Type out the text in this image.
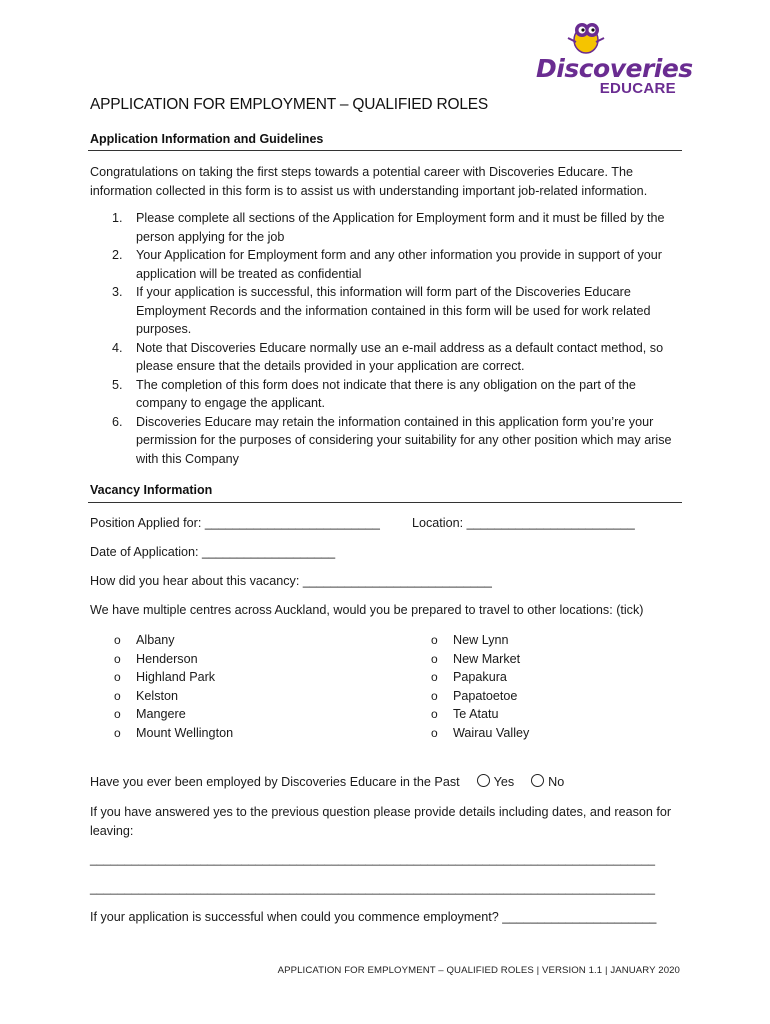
Discoveries
EDUCARE
APPLICATION FOR EMPLOYMENT – QUALIFIED ROLES
Application Information and Guidelines
Congratulations on taking the first steps towards a potential career with Discoveries Educare. The
information collected in this form is to assist us with understanding important job-related information.
1. Please complete all sections of the Application for Employment form and it must be filled by the person applying for the job
2. Your Application for Employment form and any other information you provide in support of your application will be treated as confidential
3. If your application is successful, this information will form part of the Discoveries Educare Employment Records and the information contained in this form will be used for work related purposes.
4. Note that Discoveries Educare normally use an e-mail address as a default contact method, so please ensure that the details provided in your application are correct.
5. The completion of this form does not indicate that there is any obligation on the part of the company to engage the applicant.
6. Discoveries Educare may retain the information contained in this application form you’re your permission for the purposes of considering your suitability for any other position which may arise with this Company
Vacancy Information
Position Applied for: _________________________	Location: ________________________
Date of Application: ___________________
How did you hear about this vacancy: ___________________________
We have multiple centres across Auckland, would you be prepared to travel to other locations: (tick)
o Albany
o Henderson
o Highland Park
o Kelston
o Mangere
o Mount Wellington
o New Lynn
o New Market
o Papakura
o Papatoetoe
o Te Atatu
o Wairau Valley
Have you ever been employed by Discoveries Educare in the Past	Yes	No
If you have answered yes to the previous question please provide details including dates, and reason for
leaving:
__________________________________________________________________________________
__________________________________________________________________________________
If your application is successful when could you commence employment? ______________________
APPLICATION FOR EMPLOYMENT – QUALIFIED ROLES | VERSION 1.1 | JANUARY 2020
